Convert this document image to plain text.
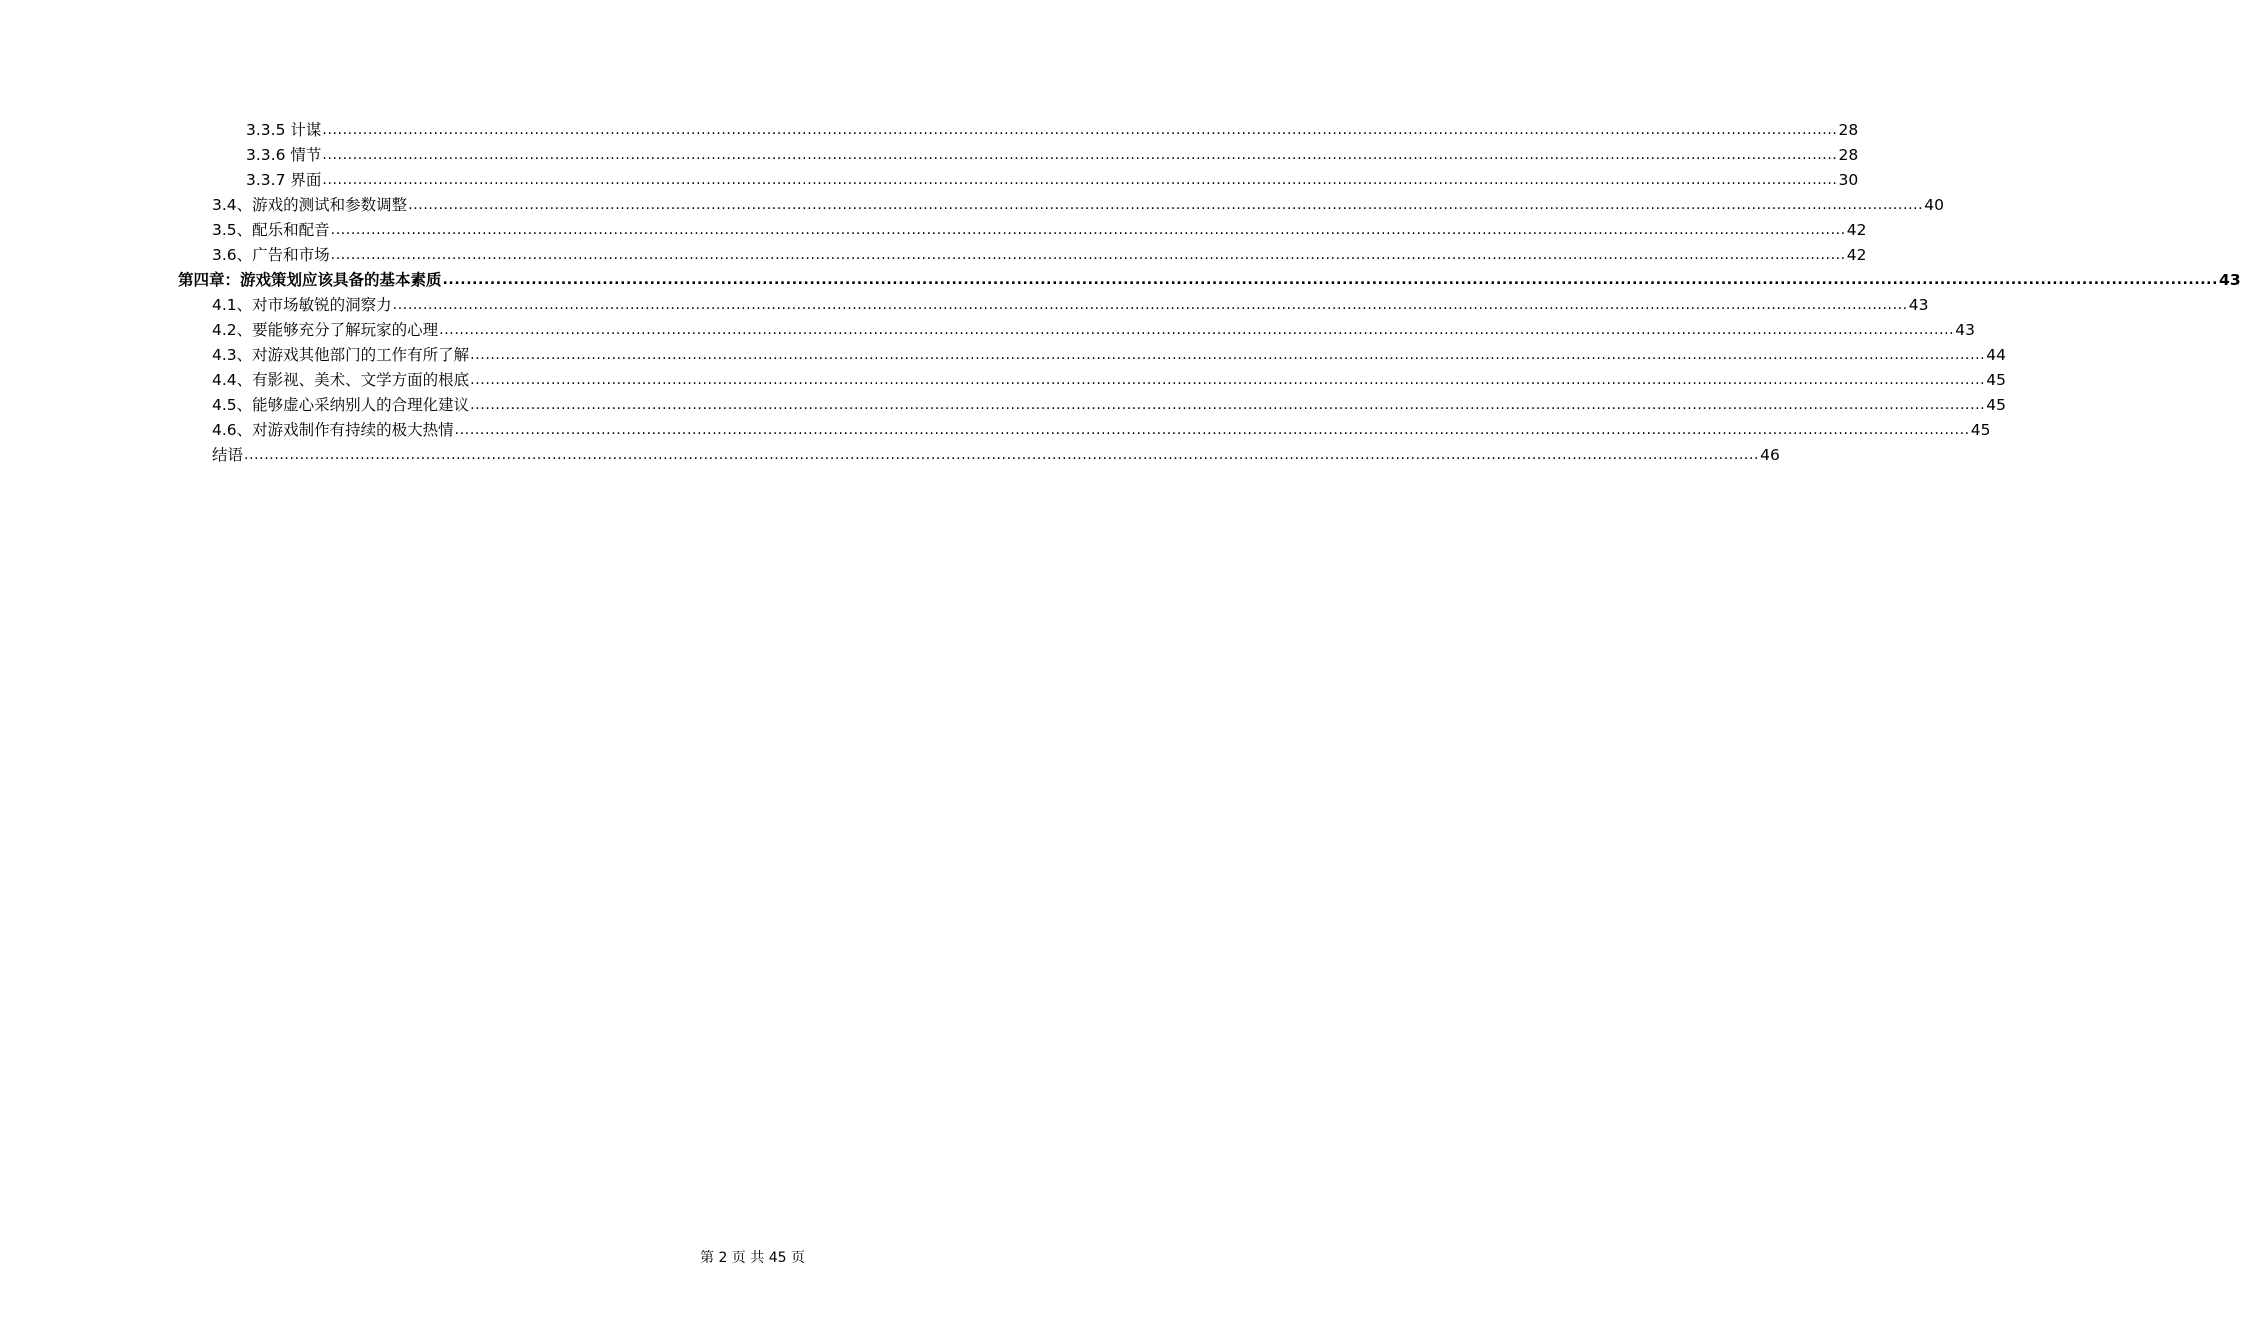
3.3.5 计谋 ............................................................................................................................................................................................................................................................................................................ 28
3.3.6 情节 ............................................................................................................................................................................................................................................................................................................ 28
3.3.7 界面 ............................................................................................................................................................................................................................................................................................................ 30
3.4、游戏的测试和参数调整 ............................................................................................................................................................................................................................................................................................................ 40
3.5、配乐和配音 ............................................................................................................................................................................................................................................................................................................ 42
3.6、广告和市场 ............................................................................................................................................................................................................................................................................................................ 42
第四章：游戏策划应该具备的基本素质 ............................................................................................................................................................................................................................................................................................................ 43
4.1、对市场敏锐的洞察力 ............................................................................................................................................................................................................................................................................................................ 43
4.2、要能够充分了解玩家的心理 ............................................................................................................................................................................................................................................................................................................ 43
4.3、对游戏其他部门的工作有所了解 ............................................................................................................................................................................................................................................................................................................ 44
4.4、有影视、美术、文学方面的根底 ............................................................................................................................................................................................................................................................................................................ 45
4.5、能够虚心采纳别人的合理化建议 ............................................................................................................................................................................................................................................................................................................ 45
4.6、对游戏制作有持续的极大热情 ............................................................................................................................................................................................................................................................................................................ 45
结语 ............................................................................................................................................................................................................................................................................................................ 46
第 2 页 共 45 页
